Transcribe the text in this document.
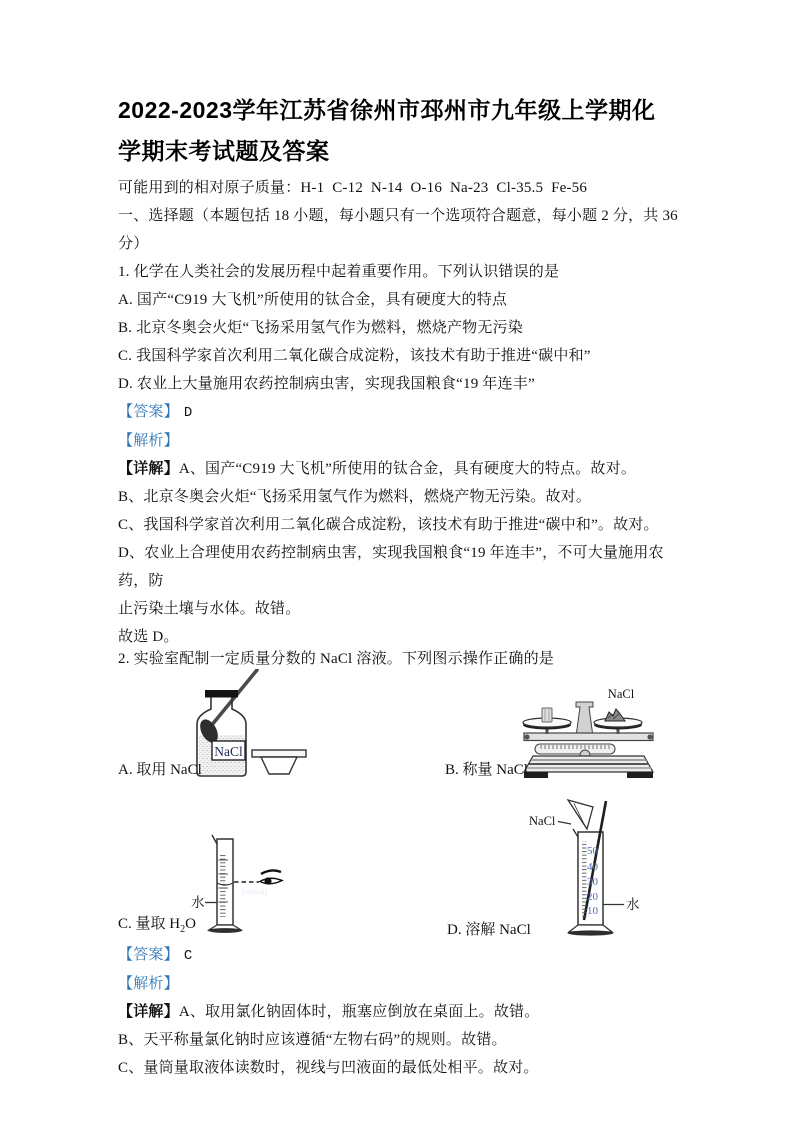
2022-2023学年江苏省徐州市邳州市九年级上学期化学期末考试题及答案

可能用到的相对原子质量：H-1  C-12  N-14  O-16  Na-23  Cl-35.5  Fe-56

一、选择题（本题包括 18 小题，每小题只有一个选项符合题意，每小题 2 分，共 36 分）

1. 化学在人类社会的发展历程中起着重要作用。下列认识错误的是

A. 国产“C919 大飞机”所使用的钛合金，具有硬度大的特点

B. 北京冬奥会火炬“飞扬采用氢气作为燃料，燃烧产物无污染

C. 我国科学家首次利用二氧化碳合成淀粉，该技术有助于推进“碳中和”

D. 农业上大量施用农药控制病虫害，实现我国粮食“19 年连丰”

【答案】 D

【解析】

【详解】A、国产“C919 大飞机”所使用的钛合金，具有硬度大的特点。故对。

B、北京冬奥会火炬“飞扬采用氢气作为燃料，燃烧产物无污染。故对。

C、我国科学家首次利用二氧化碳合成淀粉，该技术有助于推进“碳中和”。故对。

D、农业上合理使用农药控制病虫害，实现我国粮食“19 年连丰”，不可大量施用农药，防

止污染土壤与水体。故错。

故选 D。

2. 实验室配制一定质量分数的 NaCl 溶液。下列图示操作正确的是

NaCl
NaCl
A. 取用 NaCl	B. 称量 NaCl
Jyeoo.c
水
NaCl
50
40
30
20
10 水
C. 量取 $H_2O$	D. 溶解 NaCl

【答案】 C

【解析】

【详解】A、取用氯化钠固体时，瓶塞应倒放在桌面上。故错。

B、天平称量氯化钠时应该遵循“左物右码”的规则。故错。

C、量筒量取液体读数时，视线与凹液面的最低处相平。故对。
